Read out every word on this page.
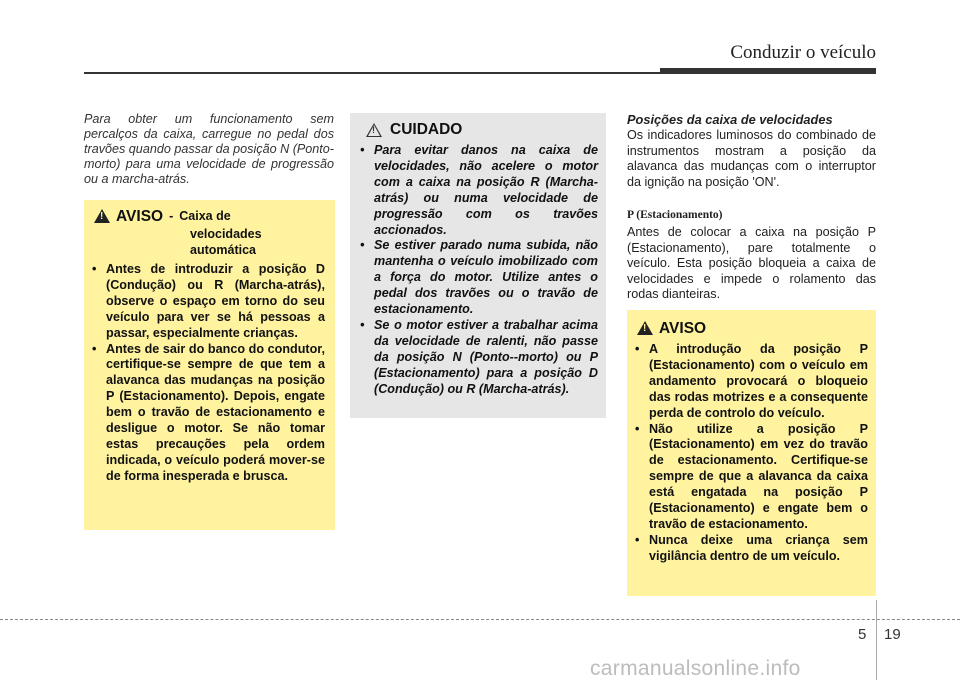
Conduzir o veículo
Para obter um funcionamento sem percalços da caixa, carregue no pedal dos travões quando passar da posição N (Ponto-morto) para uma velocidade de progressão ou a marcha-atrás.
!
AVISO - Caixa de
velocidades
automática
• Antes de introduzir a posição D (Condução) ou R (Marcha-atrás), observe o espaço em torno do seu veículo para ver se há pessoas a passar, especialmente crianças.
• Antes de sair do banco do condutor, certifique-se sempre de que tem a alavanca das mudanças na posição P (Estacionamento). Depois, engate bem o travão de estacionamento e desligue o motor. Se não tomar estas precauções pela ordem indicada, o veículo poderá mover-se de forma inesperada e brusca.
!
CUIDADO
• Para evitar danos na caixa de velocidades, não acelere o motor com a caixa na posição R (Marcha-atrás) ou numa velocidade de progressão com os travões accionados.
• Se estiver parado numa subida, não mantenha o veículo imobilizado com a força do motor. Utilize antes o pedal dos travões ou o travão de estacionamento.
• Se o motor estiver a trabalhar acima da velocidade de ralenti, não passe da posição N (Ponto--morto) ou P (Estacionamento) para a posição D (Condução) ou R (Marcha-atrás).
Posições da caixa de velocidades
Os indicadores luminosos do combinado de instrumentos mostram a posição da alavanca das mudanças com o interruptor da ignição na posição 'ON'.
P (Estacionamento)
Antes de colocar a caixa na posição P (Estacionamento), pare totalmente o veículo. Esta posição bloqueia a caixa de velocidades e impede o rolamento das rodas dianteiras.
!
AVISO
• A introdução da posição P (Estacionamento) com o veículo em andamento provocará o bloqueio das rodas motrizes e a consequente perda de controlo do veículo.
• Não utilize a posição P (Estacionamento) em vez do travão de estacionamento. Certifique-se sempre de que a alavanca da caixa está engatada na posição P (Estacionamento) e engate bem o travão de estacionamento.
• Nunca deixe uma criança sem vigilância dentro de um veículo.
5 19
carmanualsonline.info
